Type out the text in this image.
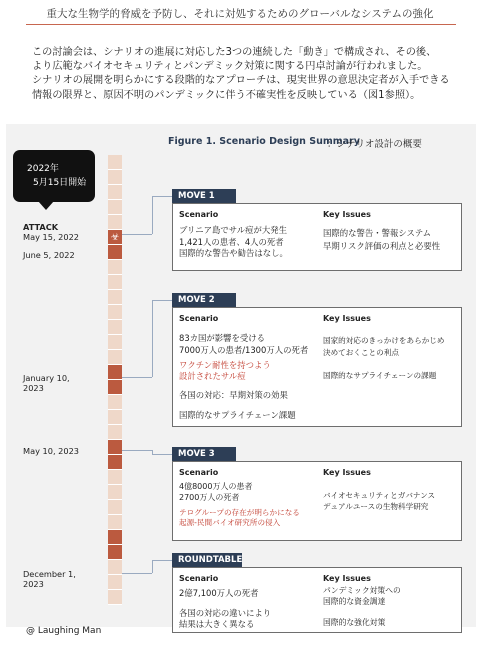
重大な生物学的脅威を予防し、それに対処するためのグローバルなシステムの強化

この討論会は、シナリオの進展に対応した3つの連続した「動き」で構成され、その後、

より広範なバイオセキュリティとパンデミック対策に関する円卓討論が行われました。

シナリオの展開を明らかにする段階的なアプローチは、現実世界の意思決定者が入手できる

情報の限界と、原因不明のパンデミックに伴う不確実性を反映している（図1参照）。

Figure 1. Scenario Design Summary
：シナリオ設計の概要
2022年
5月15日開始
ATTACK
May 15, 2022
June 5, 2022
January 10,
2023
May 10, 2023
December 1,
2023
☣
MOVE 1
Scenario
ブリニア島でサル痘が大発生
1,421人の患者、4人の死者
国際的な警告や勧告はなし。
Key Issues
国際的な警告・警報システム
早期リスク評価の利点と必要性
MOVE 2
Scenario
83カ国が影響を受ける
7000万人の患者/1300万人の死者
ワクチン耐性を持つよう
設計されたサル痘
各国の対応：早期対策の効果
国際的なサプライチェーン課題
Key Issues
国家的対応のきっかけをあらかじめ
決めておくことの利点
国際的なサプライチェーンの課題
MOVE 3
Scenario
4億8000万人の患者
2700万人の死者
テログループの存在が明らかになる
起源-民間バイオ研究所の侵入
Key Issues
バイオセキュリティとガバナンス
デュアルユースの生物科学研究
ROUNDTABLE
Scenario
2億7,100万人の死者
各国の対応の違いにより
結果は大きく異なる
Key Issues
パンデミック対策への
国際的な資金調達
国際的な強化対策
@ Laughing Man
